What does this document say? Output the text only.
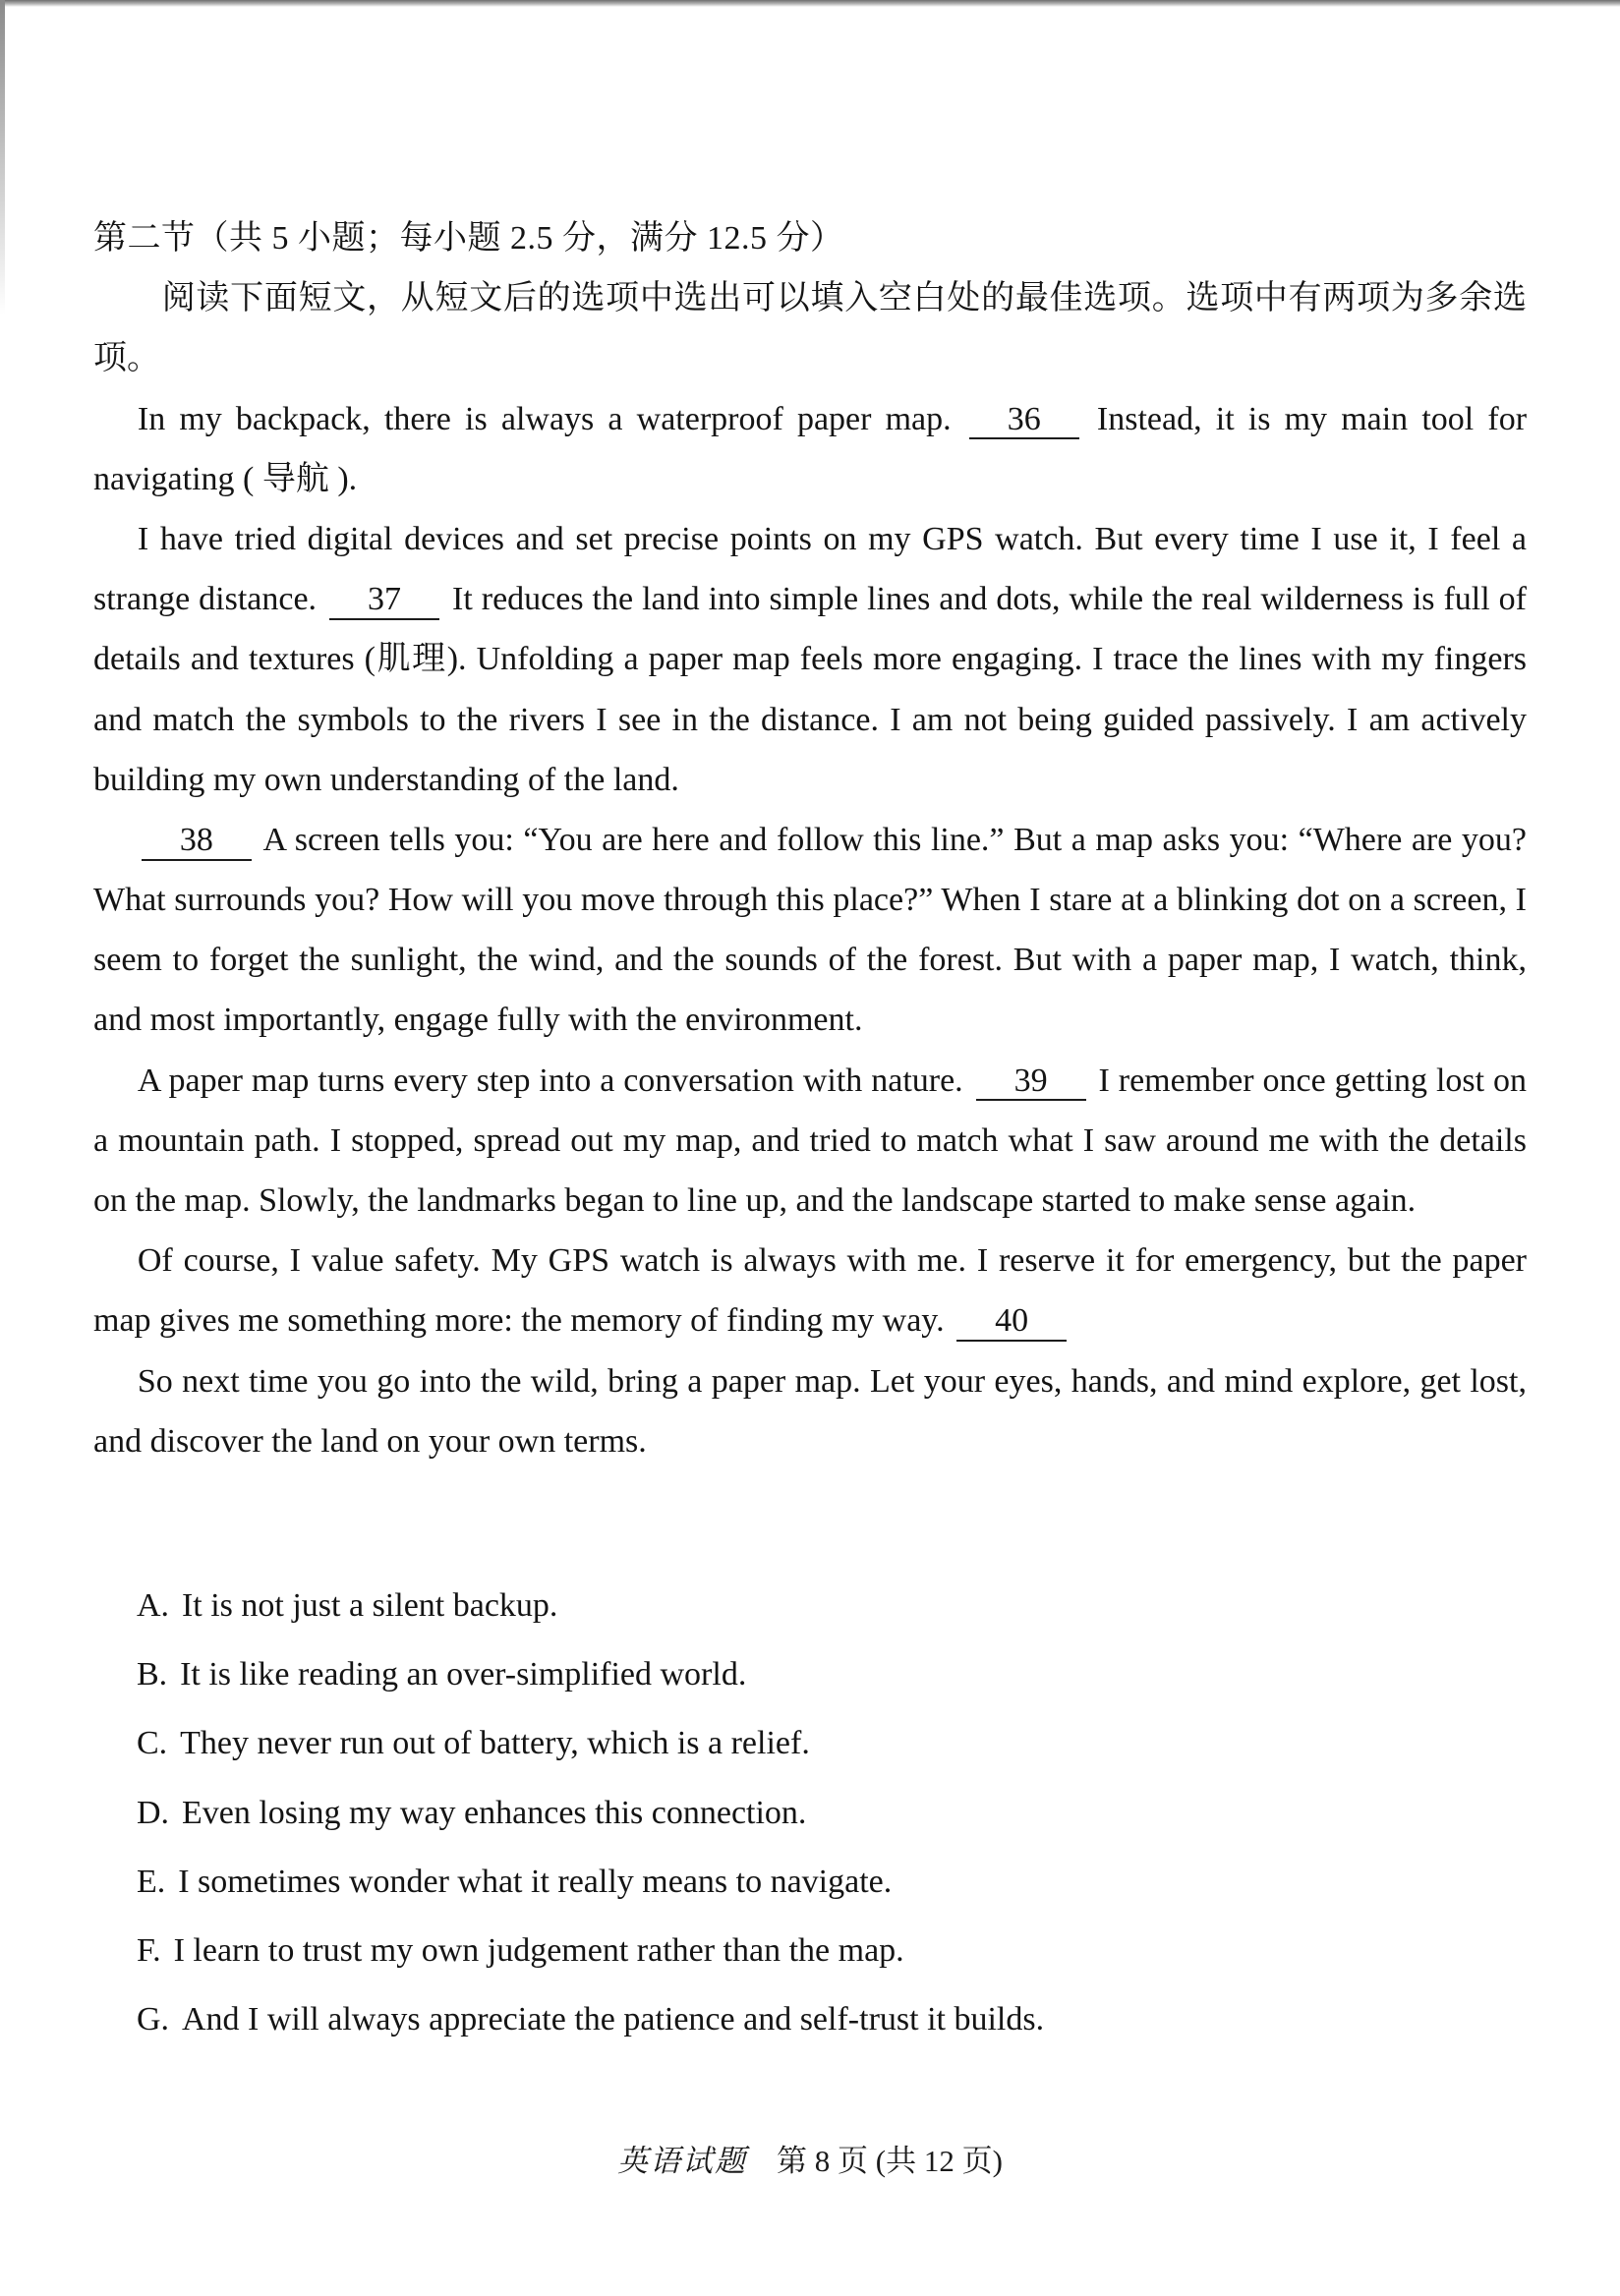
第二节（共 5 小题；每小题 2.5 分，满分 12.5 分）

阅读下面短文，从短文后的选项中选出可以填入空白处的最佳选项。选项中有两项为多余选项。

In my backpack, there is always a waterproof paper map. 36 Instead, it is my main tool for navigating ( 导航 ).

I have tried digital devices and set precise points on my GPS watch. But every time I use it, I feel a strange distance. 37 It reduces the land into simple lines and dots, while the real wilderness is full of details and textures (肌理). Unfolding a paper map feels more engaging. I trace the lines with my fingers and match the symbols to the rivers I see in the distance. I am not being guided passively. I am actively building my own understanding of the land.

38 A screen tells you: “You are here and follow this line.” But a map asks you: “Where are you? What surrounds you? How will you move through this place?” When I stare at a blinking dot on a screen, I seem to forget the sunlight, the wind, and the sounds of the forest. But with a paper map, I watch, think, and most importantly, engage fully with the environment.

A paper map turns every step into a conversation with nature. 39 I remember once getting lost on a mountain path. I stopped, spread out my map, and tried to match what I saw around me with the details on the map. Slowly, the landmarks began to line up, and the landscape started to make sense again.

Of course, I value safety. My GPS watch is always with me. I reserve it for emergency, but the paper map gives me something more: the memory of finding my way. 40

So next time you go into the wild, bring a paper map. Let your eyes, hands, and mind explore, get lost, and discover the land on your own terms.

A. It is not just a silent backup.
B. It is like reading an over-simplified world.
C. They never run out of battery, which is a relief.
D. Even losing my way enhances this connection.
E. I sometimes wonder what it really means to navigate.
F. I learn to trust my own judgement rather than the map.
G. And I will always appreciate the patience and self-trust it builds.
英语试题 第 8 页 (共 12 页)
